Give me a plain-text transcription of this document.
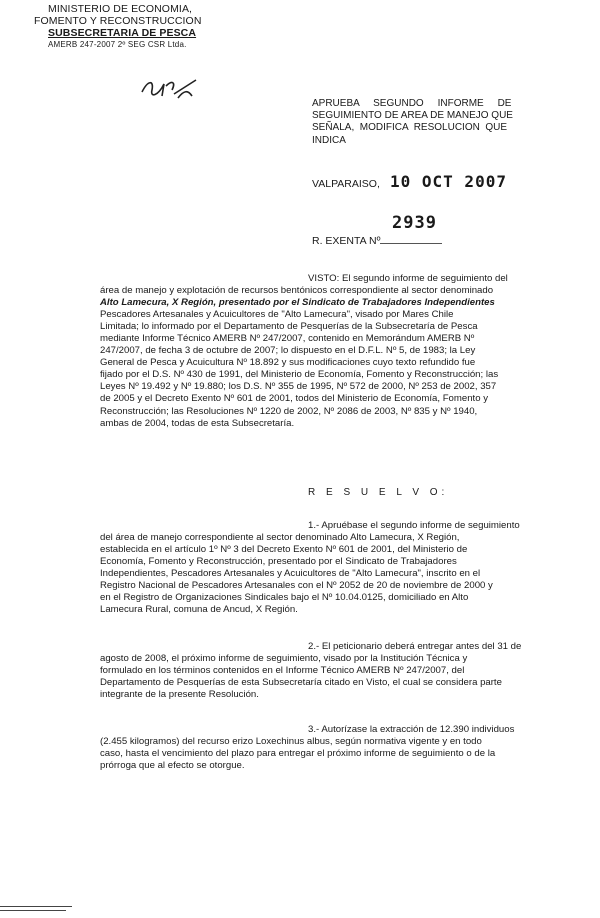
MINISTERIO DE ECONOMIA,
FOMENTO Y RECONSTRUCCION
SUBSECRETARIA DE PESCA
AMERB 247-2007 2º SEG CSR Ltda.
APRUEBA     SEGUNDO     INFORME     DE
SEGUIMIENTO DE AREA DE MANEJO QUE
SEÑALA,  MODIFICA  RESOLUCION  QUE
INDICA
VALPARAISO, 10 OCT 2007
R. EXENTA Nº
2939

VISTO: El segundo informe de seguimiento del

área de manejo y explotación de recursos bentónicos correspondiente al sector denominado

Alto Lamecura, X Región, presentado por el Sindicato de Trabajadores Independientes

Pescadores Artesanales y Acuicultores de "Alto Lamecura", visado por Mares Chile

Limitada; lo informado por el Departamento de Pesquerías de la Subsecretaría de Pesca

mediante Informe Técnico AMERB Nº 247/2007, contenido en Memorándum AMERB Nº

247/2007, de fecha 3 de octubre de 2007; lo dispuesto en el D.F.L. Nº 5, de 1983; la Ley

General de Pesca y Acuicultura Nº 18.892 y sus modificaciones cuyo texto refundido fue

fijado por el D.S. Nº 430 de 1991, del Ministerio de Economía, Fomento y Reconstrucción; las

Leyes Nº 19.492 y Nº 19.880; los D.S. Nº 355 de 1995, Nº 572 de 2000, Nº 253 de 2002, 357

de 2005 y el Decreto Exento Nº 601 de 2001, todos del Ministerio de Economía, Fomento y

Reconstrucción; las Resoluciones Nº 1220 de 2002, Nº 2086 de 2003, Nº 835 y Nº 1940,

ambas de 2004, todas de esta Subsecretaría.

R E S U E L V O:

1.- Apruébase el segundo informe de seguimiento

del área de manejo correspondiente al sector denominado Alto Lamecura, X Región,

establecida en el artículo 1º Nº 3 del Decreto Exento Nº 601 de 2001, del Ministerio de

Economía, Fomento y Reconstrucción, presentado por el Sindicato de Trabajadores

Independientes, Pescadores Artesanales y Acuicultores de "Alto Lamecura", inscrito en el

Registro Nacional de Pescadores Artesanales con el Nº 2052 de 20 de noviembre de 2000 y

en el Registro de Organizaciones Sindicales bajo el Nº 10.04.0125, domiciliado en Alto

Lamecura Rural, comuna de Ancud, X Región.

2.- El peticionario deberá entregar antes del 31 de

agosto de 2008, el próximo informe de seguimiento, visado por la Institución Técnica y

formulado en los términos contenidos en el Informe Técnico AMERB Nº 247/2007, del

Departamento de Pesquerías de esta Subsecretaría citado en Visto, el cual se considera parte

integrante de la presente Resolución.

3.- Autorízase la extracción de 12.390 individuos

(2.455 kilogramos) del recurso erizo Loxechinus albus, según normativa vigente y en todo

caso, hasta el vencimiento del plazo para entregar el próximo informe de seguimiento o de la

prórroga que al efecto se otorgue.
